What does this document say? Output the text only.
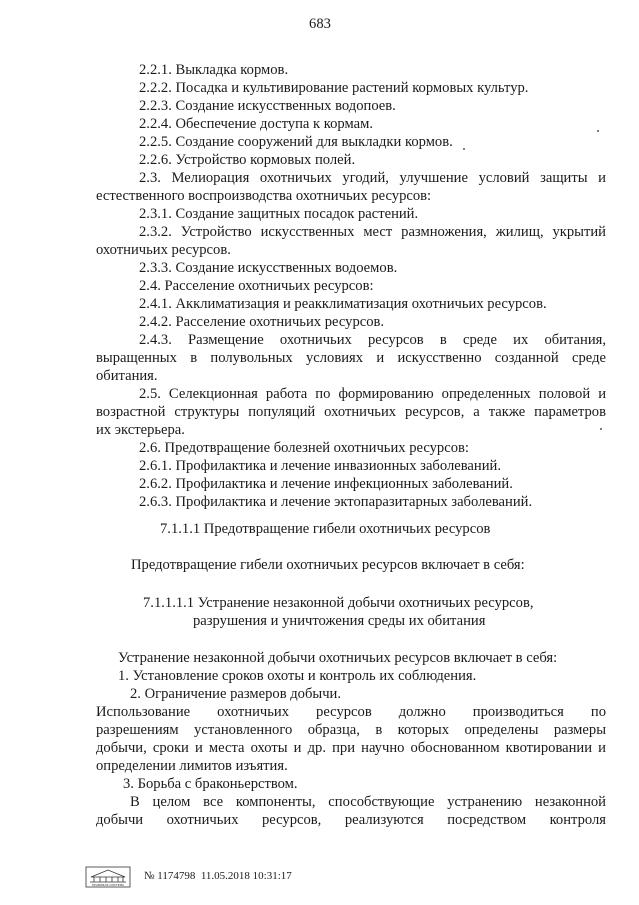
683
2.2.1. Выкладка кормов.
2.2.2. Посадка и культивирование растений кормовых культур.
2.2.3. Создание искусственных водопоев.
2.2.4. Обеспечение доступа к кормам.
2.2.5. Создание сооружений для выкладки кормов.
2.2.6. Устройство кормовых полей.
2.3. Мелиорация охотничьих угодий, улучшение условий защиты и
естественного воспроизводства охотничьих ресурсов:
2.3.1. Создание защитных посадок растений.
2.3.2. Устройство искусственных мест размножения, жилищ, укрытий
охотничьих ресурсов.
2.3.3. Создание искусственных водоемов.
2.4. Расселение охотничьих ресурсов:
2.4.1. Акклиматизация и реакклиматизация охотничьих ресурсов.
2.4.2. Расселение охотничьих ресурсов.
2.4.3. Размещение охотничьих ресурсов в среде их обитания,
выращенных в полувольных условиях и искусственно созданной среде
обитания.
2.5. Селекционная работа по формированию определенных половой и
возрастной структуры популяций охотничьих ресурсов, а также параметров
их экстерьера.
2.6. Предотвращение болезней охотничьих ресурсов:
2.6.1. Профилактика и лечение инвазионных заболеваний.
2.6.2. Профилактика и лечение инфекционных заболеваний.
2.6.3. Профилактика и лечение эктопаразитарных заболеваний.
7.1.1.1 Предотвращение гибели охотничьих ресурсов
Предотвращение гибели охотничьих ресурсов включает в себя:
7.1.1.1.1 Устранение незаконной добычи охотничьих ресурсов,
разрушения и уничтожения среды их обитания
Устранение незаконной добычи охотничьих ресурсов включает в себя:
1. Установление сроков охоты и контроль их соблюдения.
2. Ограничение размеров добычи.
Использование охотничьих ресурсов должно производиться по
разрешениям установленного образца, в которых определены размеры
добычи, сроки и места охоты и др. при научно обоснованном квотировании и
определении лимитов изъятия.
3. Борьба с браконьерством.
В целом все компоненты, способствующие устранению незаконной
добычи охотничьих ресурсов, реализуются посредством контроля
ПРАВОВАЯ СИСТЕМА
№ 1174798 11.05.2018 10:31:17
